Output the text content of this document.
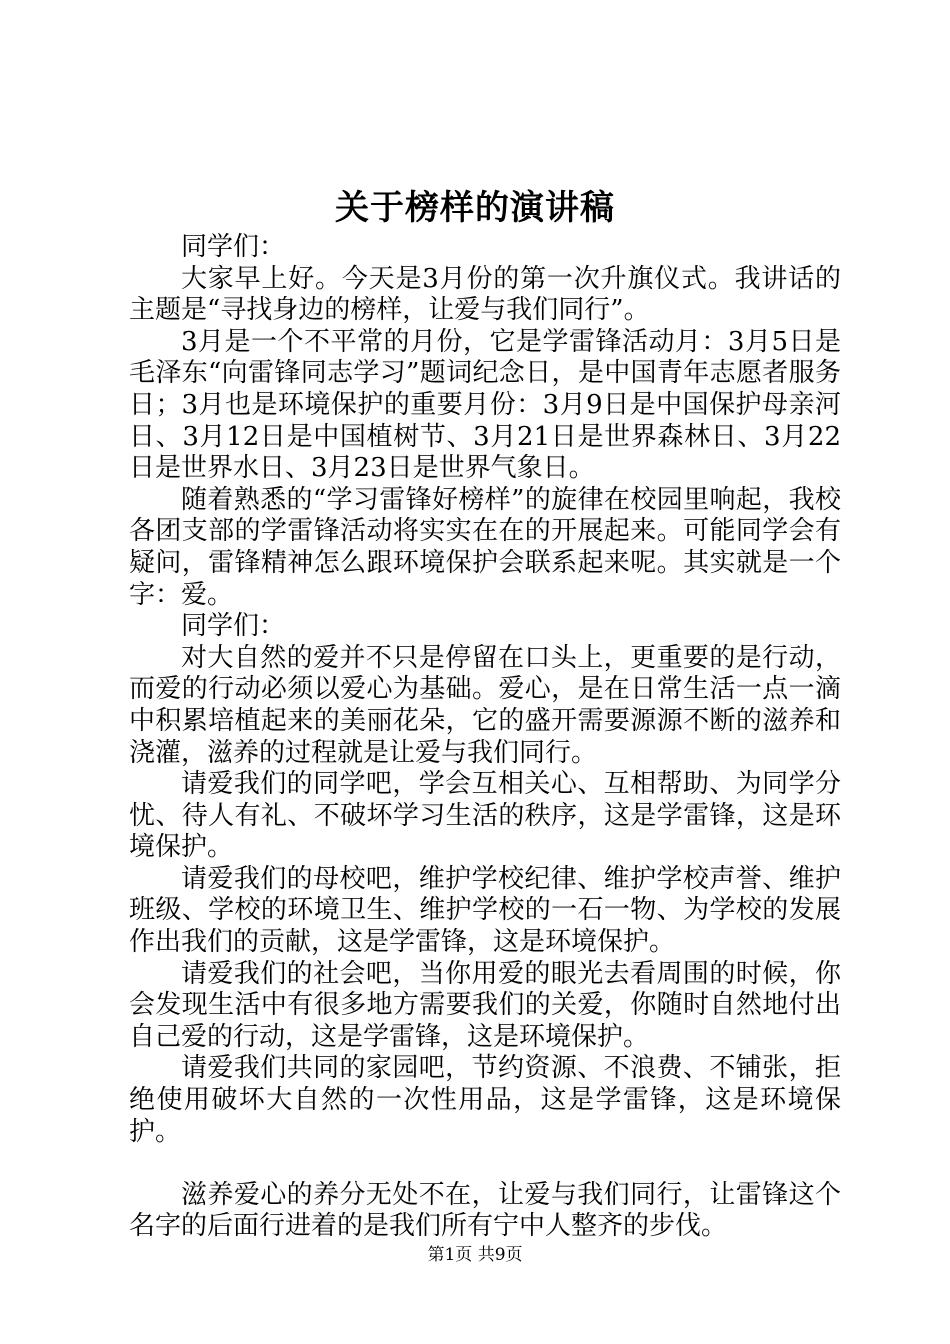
关于榜样的演讲稿

同学们：

大家早上好。今天是3月份的第一次升旗仪式。我讲话的主题是“寻找身边的榜样，让爱与我们同行”。

3月是一个不平常的月份，它是学雷锋活动月：3月5日是毛泽东“向雷锋同志学习”题词纪念日，是中国青年志愿者服务日；3月也是环境保护的重要月份：3月9日是中国保护母亲河日、3月12日是中国植树节、3月21日是世界森林日、3月22日是世界水日、3月23日是世界气象日。

随着熟悉的“学习雷锋好榜样”的旋律在校园里响起，我校各团支部的学雷锋活动将实实在在的开展起来。可能同学会有疑问，雷锋精神怎么跟环境保护会联系起来呢。其实就是一个字：爱。

同学们：

对大自然的爱并不只是停留在口头上，更重要的是行动，而爱的行动必须以爱心为基础。爱心，是在日常生活一点一滴中积累培植起来的美丽花朵，它的盛开需要源源不断的滋养和浇灌，滋养的过程就是让爱与我们同行。

请爱我们的同学吧，学会互相关心、互相帮助、为同学分忧、待人有礼、不破坏学习生活的秩序，这是学雷锋，这是环境保护。

请爱我们的母校吧，维护学校纪律、维护学校声誉、维护班级、学校的环境卫生、维护学校的一石一物、为学校的发展作出我们的贡献，这是学雷锋，这是环境保护。

请爱我们的社会吧，当你用爱的眼光去看周围的时候，你会发现生活中有很多地方需要我们的关爱，你随时自然地付出自己爱的行动，这是学雷锋，这是环境保护。

请爱我们共同的家园吧，节约资源、不浪费、不铺张，拒绝使用破坏大自然的一次性用品，这是学雷锋，这是环境保护。

滋养爱心的养分无处不在，让爱与我们同行，让雷锋这个名字的后面行进着的是我们所有宁中人整齐的步伐。

第1页 共9页
